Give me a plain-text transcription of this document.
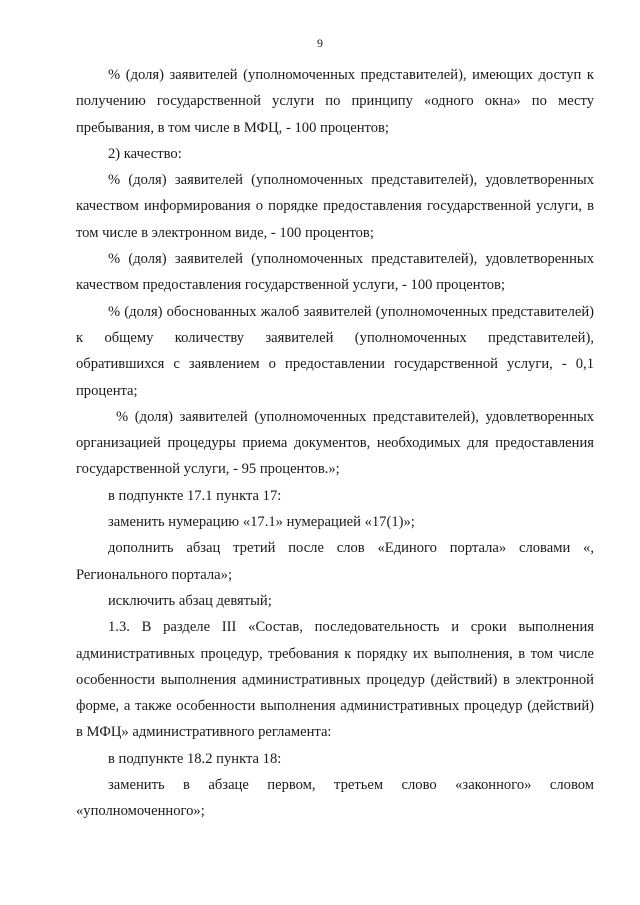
9

% (доля) заявителей (уполномоченных представителей), имеющих доступ к получению государственной услуги по принципу «одного окна» по месту пребывания, в том числе в МФЦ, - 100 процентов;

2) качество:

% (доля) заявителей (уполномоченных представителей), удовлетворенных качеством информирования о порядке предоставления государственной услуги, в том числе в электронном виде, - 100 процентов;

% (доля) заявителей (уполномоченных представителей), удовлетворенных качеством предоставления государственной услуги, - 100 процентов;

% (доля) обоснованных жалоб заявителей (уполномоченных представителей) к общему количеству заявителей (уполномоченных представителей), обратившихся с заявлением о предоставлении государственной услуги, - 0,1 процента;

% (доля) заявителей (уполномоченных представителей), удовлетворенных организацией процедуры приема документов, необходимых для предоставления государственной услуги, - 95 процентов.»;

в подпункте 17.1 пункта 17:

заменить нумерацию «17.1» нумерацией «17(1)»;

дополнить абзац третий после слов «Единого портала» словами «, Регионального портала»;

исключить абзац девятый;

1.3. В разделе III «Состав, последовательность и сроки выполнения административных процедур, требования к порядку их выполнения, в том числе особенности выполнения административных процедур (действий) в электронной форме, а также особенности выполнения административных процедур (действий) в МФЦ» административного регламента:

в подпункте 18.2 пункта 18:

заменить в абзаце первом, третьем слово «законного» словом «уполномоченного»;
